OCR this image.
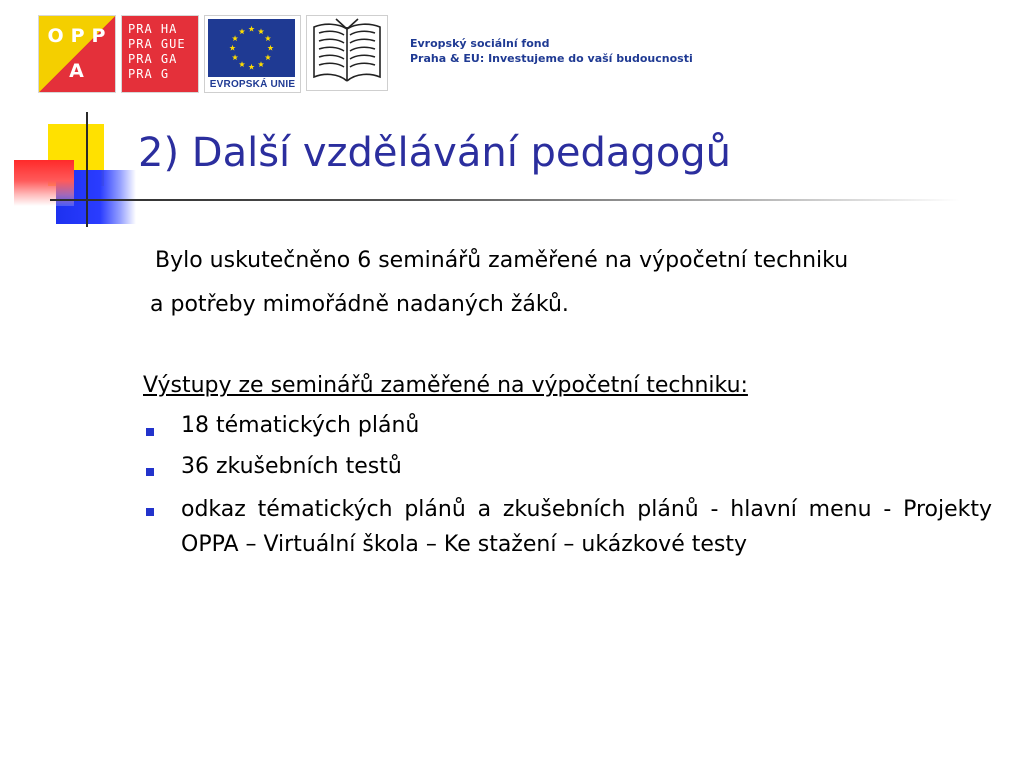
OPP
A
PRA HA
PRA GUE
PRA GA
PRA G
EVROPSKÁ UNIE
Evropský sociální fond
Praha & EU: Investujeme do vaší budoucnosti
2) Další vzdělávání pedagogů
Bylo uskutečněno 6 seminářů zaměřené na výpočetní techniku
a potřeby mimořádně nadaných žáků.
Výstupy ze seminářů zaměřené na výpočetní techniku:
18 tématických plánů
36 zkušebních testů
odkaz tématických plánů a zkušebních plánů - hlavní menu - Projekty OPPA – Virtuální škola – Ke stažení – ukázkové testy
